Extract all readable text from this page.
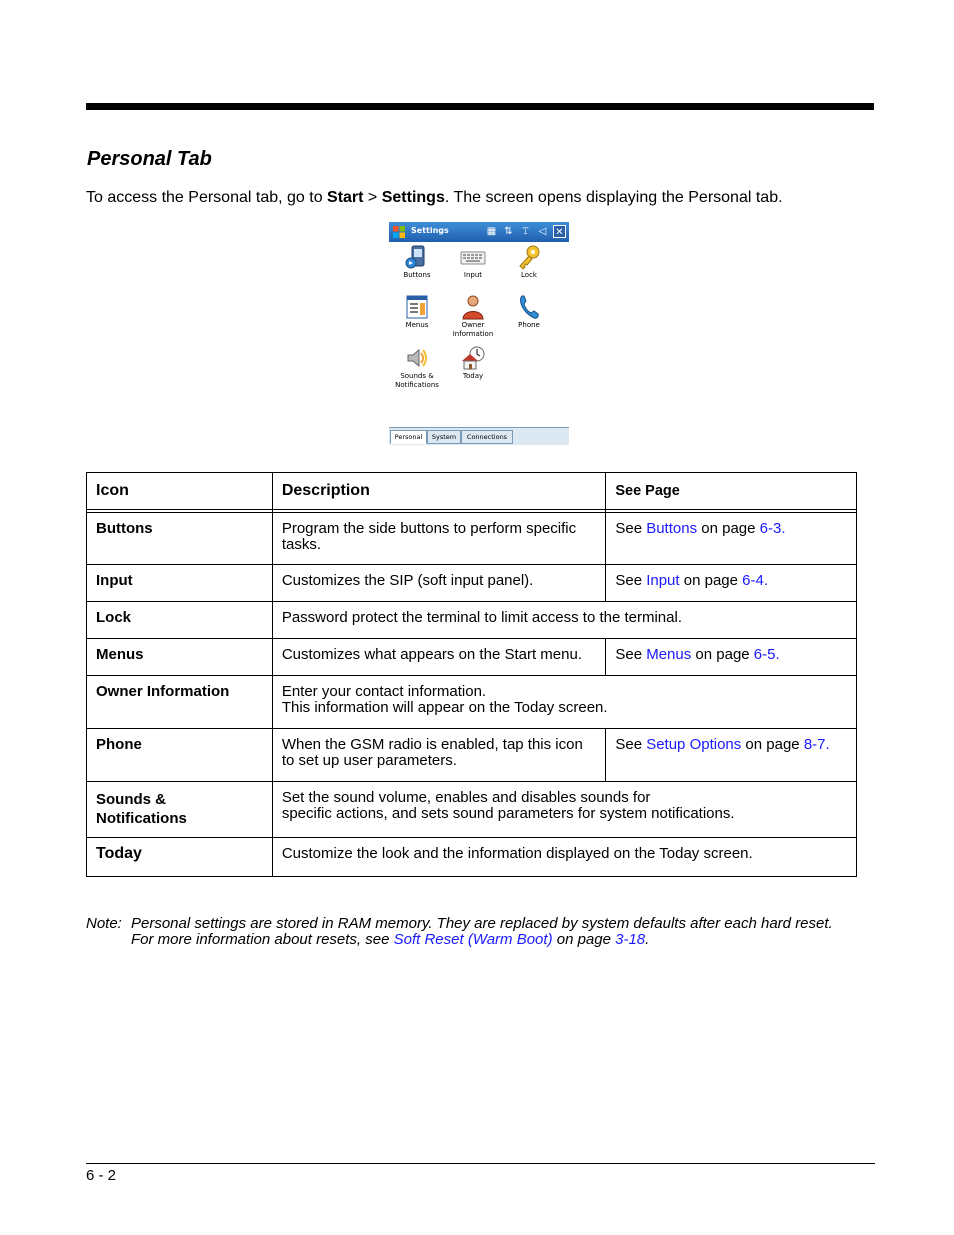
Personal Tab

To access the Personal tab, go to Start > Settings. The screen opens displaying the Personal tab.

Settings	▦ ⇅ 𝚃 ◁ ✕
Buttons	Input	Lock
Menus	Owner
Information
Phone
Sounds &
Notifications
Today
Personal	System	Connections
Icon	Description	See Page

Buttons	Program the side buttons to perform specific tasks.	See Buttons on page 6-3.
Input	Customizes the SIP (soft input panel).	See Input on page 6-4.
Lock	Password protect the terminal to limit access to the terminal.	
Menus	Customizes what appears on the Start menu.	See Menus on page 6-5.
Owner Information	Enter your contact information.
This information will appear on the Today screen.	
Phone	When the GSM radio is enabled, tap this icon to set up user parameters.	See Setup Options on page 8-7.
Sounds &
Notifications	Set the sound volume, enables and disables sounds for
specific actions, and sets sound parameters for system notifications.	
Today	Customize the look and the information displayed on the Today screen.	
Note: Personal settings are stored in RAM memory. They are replaced by system defaults after each hard reset.
For more information about resets, see Soft Reset (Warm Boot) on page 3-18.
6 - 2
